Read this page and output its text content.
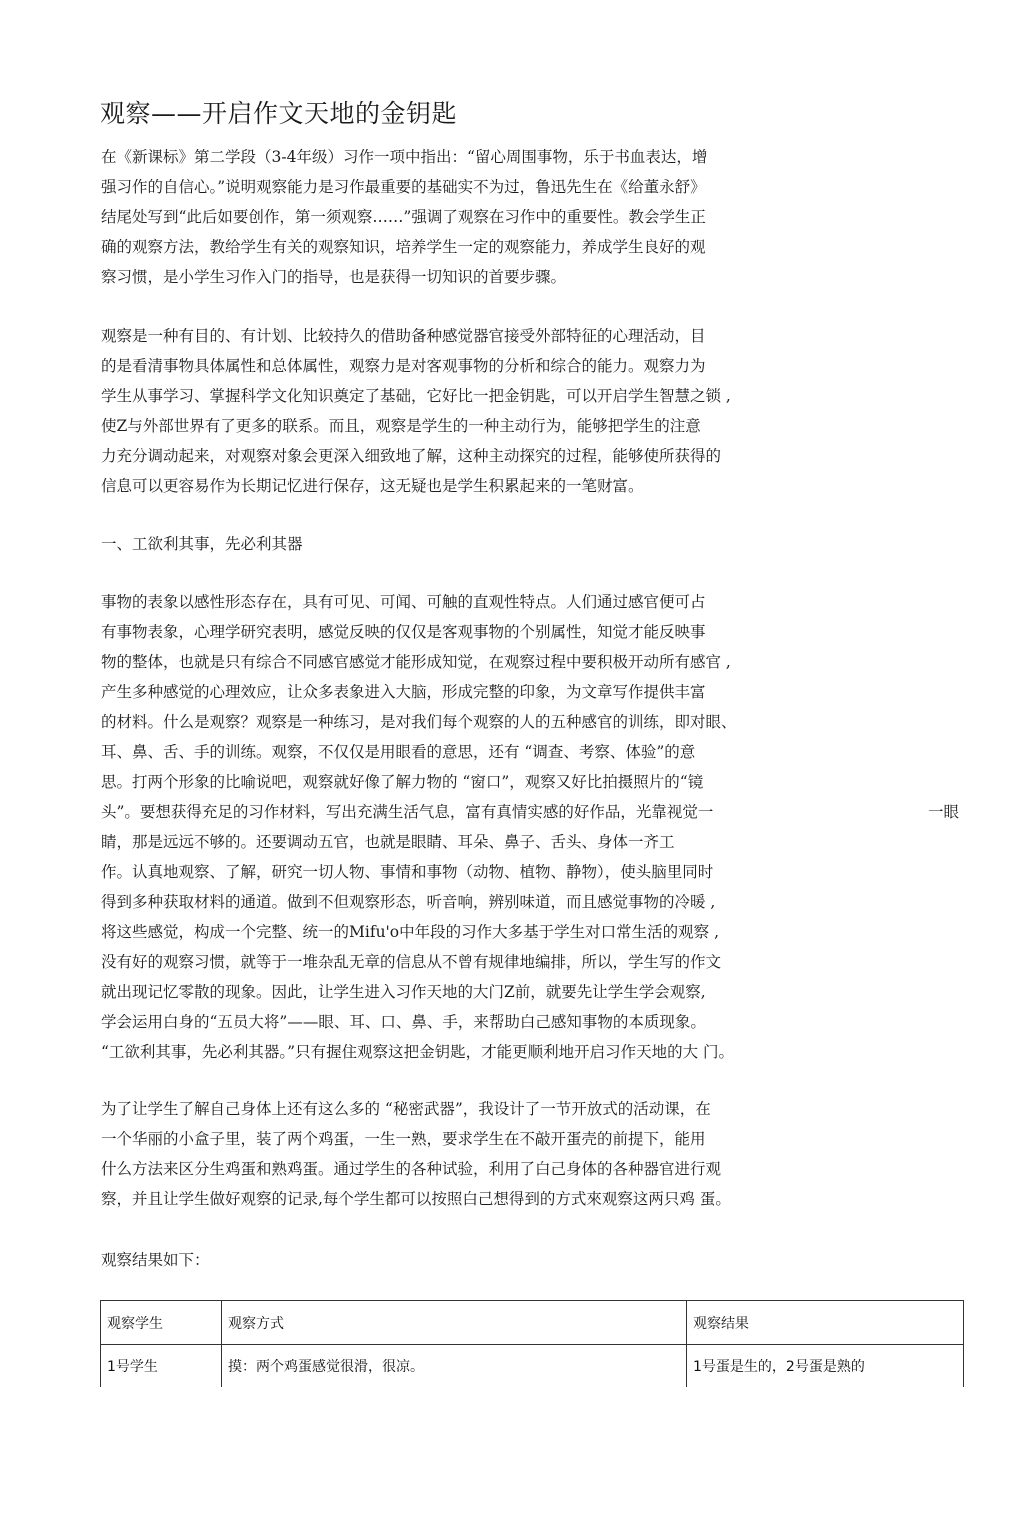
观察——开启作文天地的金钥匙
在《新课标》第二学段（3-4年级）习作一项中指出：“留心周围事物，乐于书血表达，增
强习作的自信心。”说明观察能力是习作最重要的基础实不为过，鲁迅先生在《给董永舒》
结尾处写到“此后如要创作，第一须观察……”强调了观察在习作中的重要性。教会学生正
确的观察方法，教给学生有关的观察知识，培养学生一定的观察能力，养成学生良好的观
察习惯，是小学生习作入门的指导，也是获得一切知识的首要步骤。
观察是一种有目的、有计划、比较持久的借助备种感觉器官接受外部特征的心理活动，目
的是看清事物具体属性和总体属性，观察力是对客观事物的分析和综合的能力。观察力为
学生从事学习、掌握科学文化知识奠定了基础，它好比一把金钥匙，可以开启学生智慧之锁 ,
使Z与外部世界有了更多的联系。而且，观察是学生的一种主动行为，能够把学生的注意
力充分调动起来，对观察对象会更深入细致地了解，这种主动探究的过程，能够使所获得的
信息可以更容易作为长期记忆进行保存，这无疑也是学生积累起来的一笔财富。
一、工欲利其事，先必利其器
事物的表象以感性形态存在，具有可见、可闻、可触的直观性特点。人们通过感官便可占
有事物表象，心理学研究表明，感觉反映的仅仅是客观事物的个别属性，知觉才能反映事
物的整体，也就是只有综合不同感官感觉才能形成知觉，在观察过程中要积极开动所有感官 ,
产生多种感觉的心理效应，让众多表象进入大脑，形成完整的印象，为文章写作提供丰富
的材料。什么是观察？观察是一种练习，是对我们每个观察的人的五种感官的训练，即对眼、
耳、鼻、舌、手的训练。观察，不仅仅是用眼看的意思，还有 “调查、考察、体验”的意
思。打两个形象的比喻说吧，观察就好像了解力物的 “窗口”，观察又好比拍摄照片的“镜
头”。要想获得充足的习作材料，写出充满生活气息，富有真情实感的好作品，光靠视觉一	一眼
睛，那是远远不够的。还要调动五官，也就是眼睛、耳朵、鼻子、舌头、身体一齐工
作。认真地观察、了解，研究一切人物、事情和事物（动物、植物、静物），使头脑里同时
得到多种获取材料的通道。做到不但观察形态，听音响，辨别味道，而且感觉事物的冷暖 ,
将这些感觉，构成一个完整、统一的Mifu'o中年段的习作大多基于学生对口常生活的观察 ,
没有好的观察习惯，就等于一堆杂乱无章的信息从不曾有规律地编排，所以，学生写的作文
就出现记忆零散的现象。因此，让学生进入习作天地的大门Z前，就要先让学生学会观察,
学会运用白身的“五员大将”——眼、耳、口、鼻、手，来帮助白己感知事物的本质现象。
“工欲利其事，先必利其器。”只有握住观察这把金钥匙，才能更顺利地开启习作天地的大 门。
为了让学生了解自己身体上还有这么多的 “秘密武器”，我设计了一节开放式的活动课，在
一个华丽的小盒子里，装了两个鸡蛋，一生一熟，要求学生在不敲开蛋壳的前提下，能用
什么方法来区分生鸡蛋和熟鸡蛋。通过学生的各种试验，利用了白己身体的各种器官进行观
察，并且让学生做好观察的记录,每个学生都可以按照白己想得到的方式來观察这两只鸡 蛋。
观察结果如下：
观察学生	观察方式	观察结果
1号学生	摸：两个鸡蛋感觉很滑，很凉。	1号蛋是生的，2号蛋是熟的
